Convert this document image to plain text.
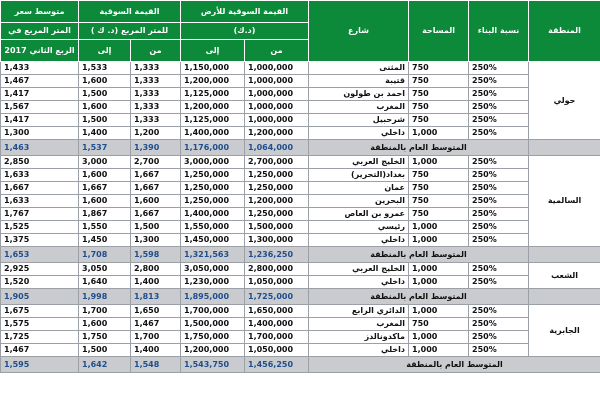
متوسط سعر	القيمة السوقية		القيمة السوقية للأرض		شارع	المساحة	نسبة البناء	المنطقة
المتر المربع في	للمتر المربع (د. ك )		(د.ك)					
الربع الثاني 2017	إلى	من	إلى	من				
1,433	1,533	1,333	1,150,000	1,000,000	المثنى	750	250%	حولي
1,467	1,600	1,333	1,200,000	1,000,000	قتيبة	750	250%	
1,417	1,500	1,333	1,125,000	1,000,000	احمد بن طولون	750	250%	
1,567	1,600	1,333	1,200,000	1,000,000	المغرب	750	250%	
1,417	1,500	1,333	1,125,000	1,000,000	شرحبيل	750	250%	
1,300	1,400	1,200	1,400,000	1,200,000	داخلي	1,000	250%	
1,463	1,537	1,390	1,176,000	1,064,000	المتوسط العام بالمنطقة			
2,850	3,000	2,700	3,000,000	2,700,000	الخليج العربي	1,000	250%	السالمية
1,633	1,600	1,667	1,250,000	1,250,000	(التحرير)بغداد	750	250%	
1,667	1,667	1,667	1,250,000	1,250,000	عمان	750	250%	
1,633	1,600	1,600	1,250,000	1,200,000	البحرين	750	250%	
1,767	1,867	1,667	1,400,000	1,250,000	عمرو بن العاص	750	250%	
1,525	1,550	1,500	1,550,000	1,500,000	رئيسي	1,000	250%	
1,375	1,450	1,300	1,450,000	1,300,000	داخلي	1,000	250%	
1,653	1,708	1,598	1,321,563	1,236,250	المتوسط العام بالمنطقة			
2,925	3,050	2,800	3,050,000	2,800,000	الخليج العربي	1,000	250%	الشعب
1,520	1,640	1,400	1,230,000	1,050,000	داخلي	1,000	250%	
1,905	1,998	1,813	1,895,000	1,725,000	المتوسط العام بالمنطقة			
1,675	1,700	1,650	1,700,000	1,650,000	الدائري الرابع	1,000	250%	الجابرية
1,575	1,600	1,467	1,500,000	1,400,000	المغرب	750	250%	
1,725	1,750	1,700	1,750,000	1,700,000	ماكدونالدز	1,000	250%	
1,467	1,500	1,400	1,200,000	1,050,000	داخلي	1,000	250%	
1,595	1,642	1,548	1,543,750	1,456,250	المتوسط العام بالمنطقة			
